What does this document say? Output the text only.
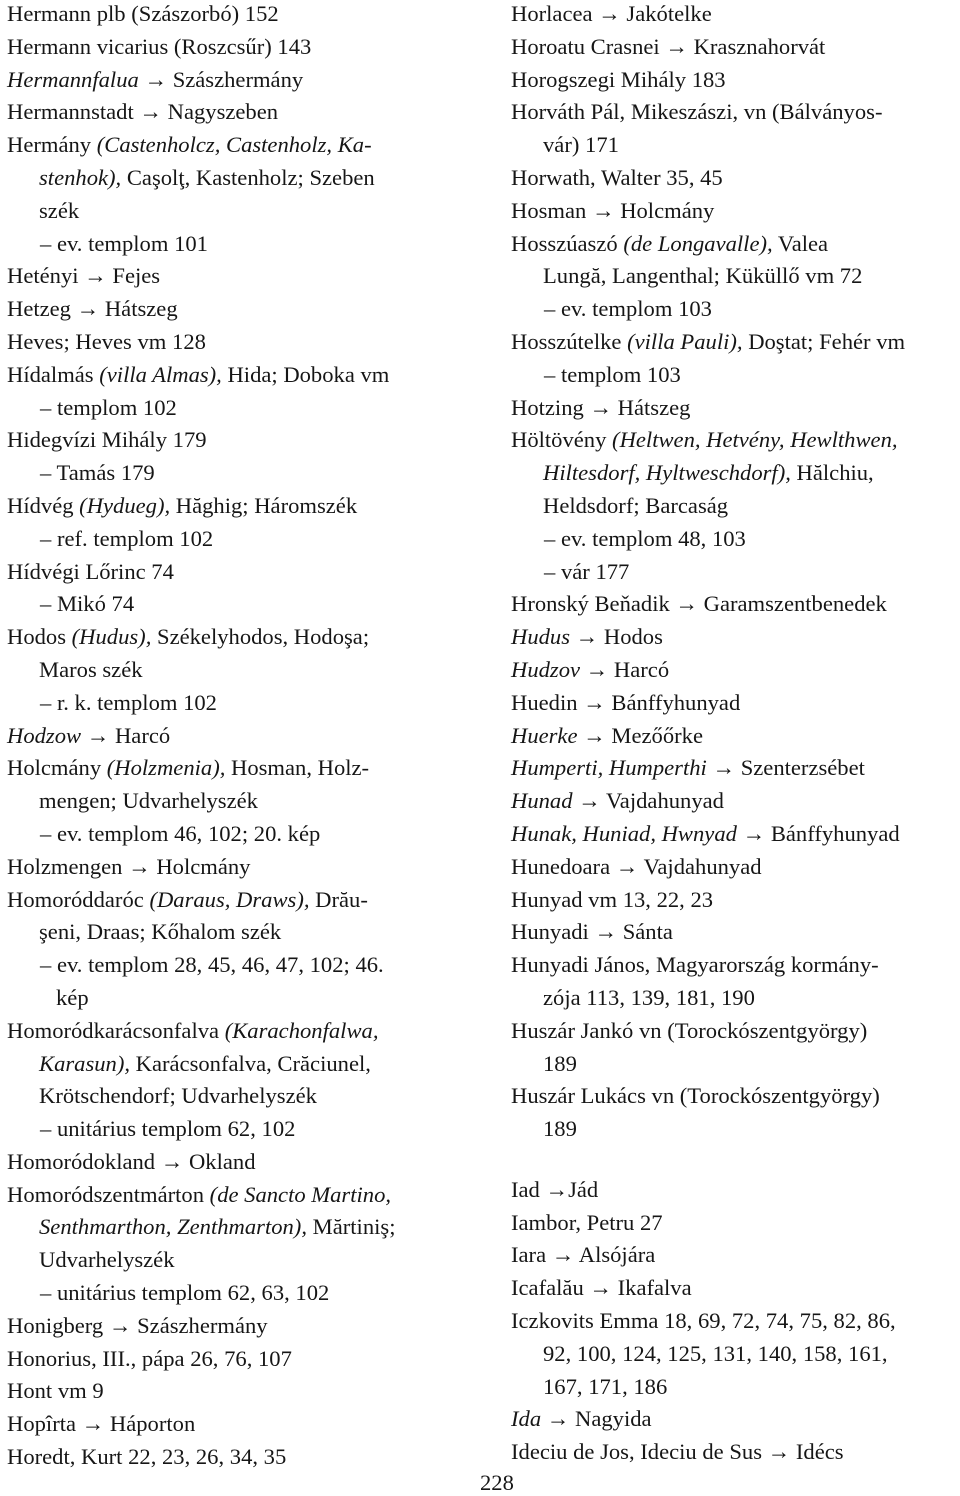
Hermann plb (Szászorbó) 152
Hermann vicarius (Roszcsűr) 143
Hermannfalua → Szászhermány
Hermannstadt → Nagyszeben
Hermány (Castenholcz, Castenholz, Ka-
stenhok), Caşolţ, Kastenholz; Szeben
szék
– ev. templom 101
Hetényi → Fejes
Hetzeg → Hátszeg
Heves; Heves vm 128
Hídalmás (villa Almas), Hida; Doboka vm
– templom 102
Hidegvízi Mihály 179
– Tamás 179
Hídvég (Hydueg), Hăghig; Háromszék
– ref. templom 102
Hídvégi Lőrinc 74
– Mikó 74
Hodos (Hudus), Székelyhodos, Hodoşa;
Maros szék
– r. k. templom 102
Hodzow → Harcó
Holcmány (Holzmenia), Hosman, Holz-
mengen; Udvarhelyszék
– ev. templom 46, 102; 20. kép
Holzmengen → Holcmány
Homoróddaróc (Daraus, Draws), Drău-
şeni, Draas; Kőhalom szék
– ev. templom 28, 45, 46, 47, 102; 46.
kép
Homoródkarácsonfalva (Karachonfalwa,
Karasun), Karácsonfalva, Crăciunel,
Krötschendorf; Udvarhelyszék
– unitárius templom 62, 102
Homoródokland → Okland
Homoródszentmárton (de Sancto Martino,
Senthmarthon, Zenthmarton), Mărtiniş;
Udvarhelyszék
– unitárius templom 62, 63, 102
Honigberg → Szászhermány
Honorius, III., pápa 26, 76, 107
Hont vm 9
Hopîrta → Háporton
Horedt, Kurt 22, 23, 26, 34, 35
Horlacea → Jakótelke
Horoatu Crasnei → Krasznahorvát
Horogszegi Mihály 183
Horváth Pál, Mikeszászi, vn (Bálványos-
vár) 171
Horwath, Walter 35, 45
Hosman → Holcmány
Hosszúaszó (de Longavalle), Valea
Lungă, Langenthal; Küküllő vm 72
– ev. templom 103
Hosszútelke (villa Pauli), Doştat; Fehér vm
– templom 103
Hotzing → Hátszeg
Höltövény (Heltwen, Hetvény, Hewlthwen,
Hiltesdorf, Hyltweschdorf), Hălchiu,
Heldsdorf; Barcaság
– ev. templom 48, 103
– vár 177
Hronský Beňadik → Garamszentbenedek
Hudus → Hodos
Hudzov → Harcó
Huedin → Bánffyhunyad
Huerke → Mezőőrke
Humperti, Humperthi → Szenterzsébet
Hunad → Vajdahunyad
Hunak, Huniad, Hwnyad → Bánffyhunyad
Hunedoara → Vajdahunyad
Hunyad vm 13, 22, 23
Hunyadi → Sánta
Hunyadi János, Magyarország kormány-
zója 113, 139, 181, 190
Huszár Jankó vn (Torockószentgyörgy)
189
Huszár Lukács vn (Torockószentgyörgy)
189
Iad →Jád
Iambor, Petru 27
Iara → Alsójára
Icafalău → Ikafalva
Iczkovits Emma 18, 69, 72, 74, 75, 82, 86,
92, 100, 124, 125, 131, 140, 158, 161,
167, 171, 186
Ida → Nagyida
Ideciu de Jos, Ideciu de Sus → Idécs
228
